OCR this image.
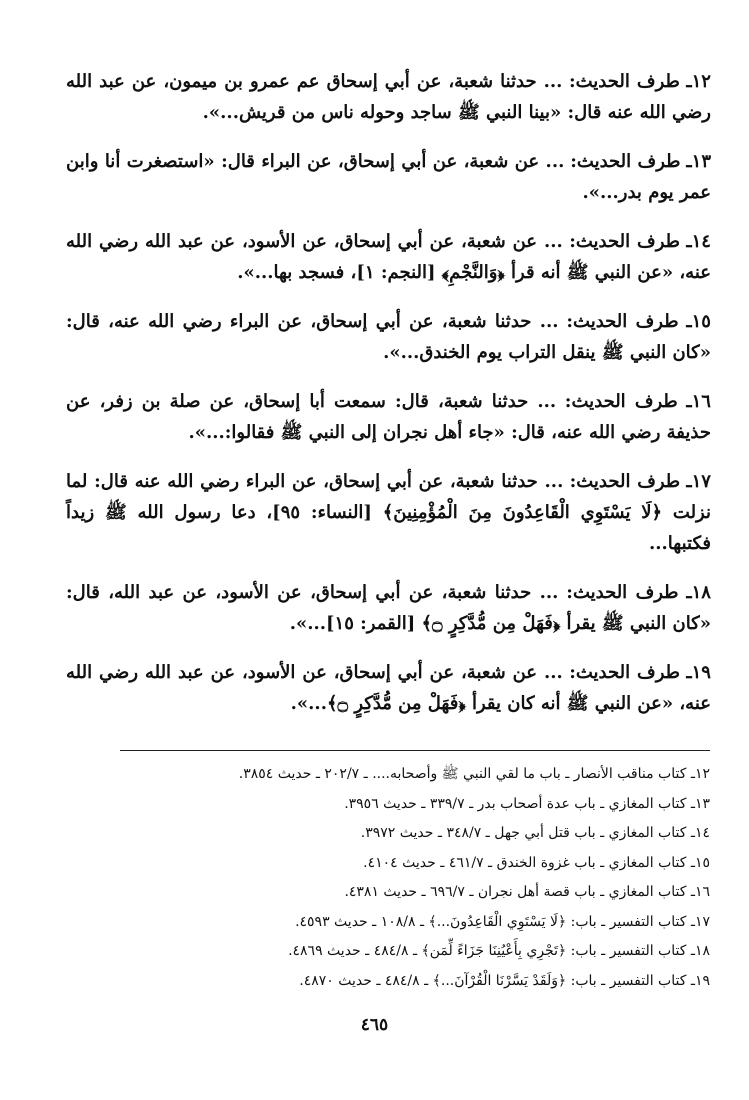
١٢ـ طرف الحديث: ... حدثنا شعبة، عن أبي إسحاق عم عمرو بن ميمون، عن عبد الله رضي الله عنه قال: «بينا النبي ﷺ ساجد وحوله ناس من قريش...».

١٣ـ طرف الحديث: ... عن شعبة، عن أبي إسحاق، عن البراء قال: «استصغرت أنا وابن عمر يوم بدر...».

١٤ـ طرف الحديث: ... عن شعبة، عن أبي إسحاق، عن الأسود، عن عبد الله رضي الله عنه، «عن النبي ﷺ أنه قرأ ﴿وَالنَّجْمِ﴾ [النجم: ١]، فسجد بها...».

١٥ـ طرف الحديث: ... حدثنا شعبة، عن أبي إسحاق، عن البراء رضي الله عنه، قال: «كان النبي ﷺ ينقل التراب يوم الخندق...».

١٦ـ طرف الحديث: ... حدثنا شعبة، قال: سمعت أبا إسحاق، عن صلة بن زفر، عن حذيفة رضي الله عنه، قال: «جاء أهل نجران إلى النبي ﷺ فقالوا:...».

١٧ـ طرف الحديث: ... حدثنا شعبة، عن أبي إسحاق، عن البراء رضي الله عنه قال: لما نزلت ﴿لَا يَسْتَوِي الْقَاعِدُونَ مِنَ الْمُؤْمِنِينَ﴾ [النساء: ٩٥]، دعا رسول الله ﷺ زيداً فكتبها...

١٨ـ طرف الحديث: ... حدثنا شعبة، عن أبي إسحاق، عن الأسود، عن عبد الله، قال: «كان النبي ﷺ يقرأ ﴿فَهَلْ مِن مُّدَّكِرٍ ۝﴾ [القمر: ١٥]...».

١٩ـ طرف الحديث: ... عن شعبة، عن أبي إسحاق، عن الأسود، عن عبد الله رضي الله عنه، «عن النبي ﷺ أنه كان يقرأ ﴿فَهَلْ مِن مُّدَّكِرٍ ۝﴾...».

١٢ـ كتاب مناقب الأنصار ـ باب ما لقي النبي ﷺ وأصحابه.... ـ ٢٠٢/٧ ـ حديث ٣٨٥٤.
١٣ـ كتاب المغازي ـ باب عدة أصحاب بدر ـ ٣٣٩/٧ ـ حديث ٣٩٥٦.
١٤ـ كتاب المغازي ـ باب قتل أبي جهل ـ ٣٤٨/٧ ـ حديث ٣٩٧٢.
١٥ـ كتاب المغازي ـ باب غزوة الخندق ـ ٤٦١/٧ ـ حديث ٤١٠٤.
١٦ـ كتاب المغازي ـ باب قصة أهل نجران ـ ٦٩٦/٧ ـ حديث ٤٣٨١.
١٧ـ كتاب التفسير ـ باب: ﴿لَا يَسْتَوِي الْقَاعِدُونَ...﴾ ـ ١٠٨/٨ ـ حديث ٤٥٩٣.
١٨ـ كتاب التفسير ـ باب: ﴿تَجْرِي بِأَعْيُنِنَا جَزَاءً لِّمَن﴾ ـ ٤٨٤/٨ ـ حديث ٤٨٦٩.
١٩ـ كتاب التفسير ـ باب: ﴿وَلَقَدْ يَسَّرْنَا الْقُرْآنَ...﴾ ـ ٤٨٤/٨ ـ حديث ٤٨٧٠.
٤٦٥
